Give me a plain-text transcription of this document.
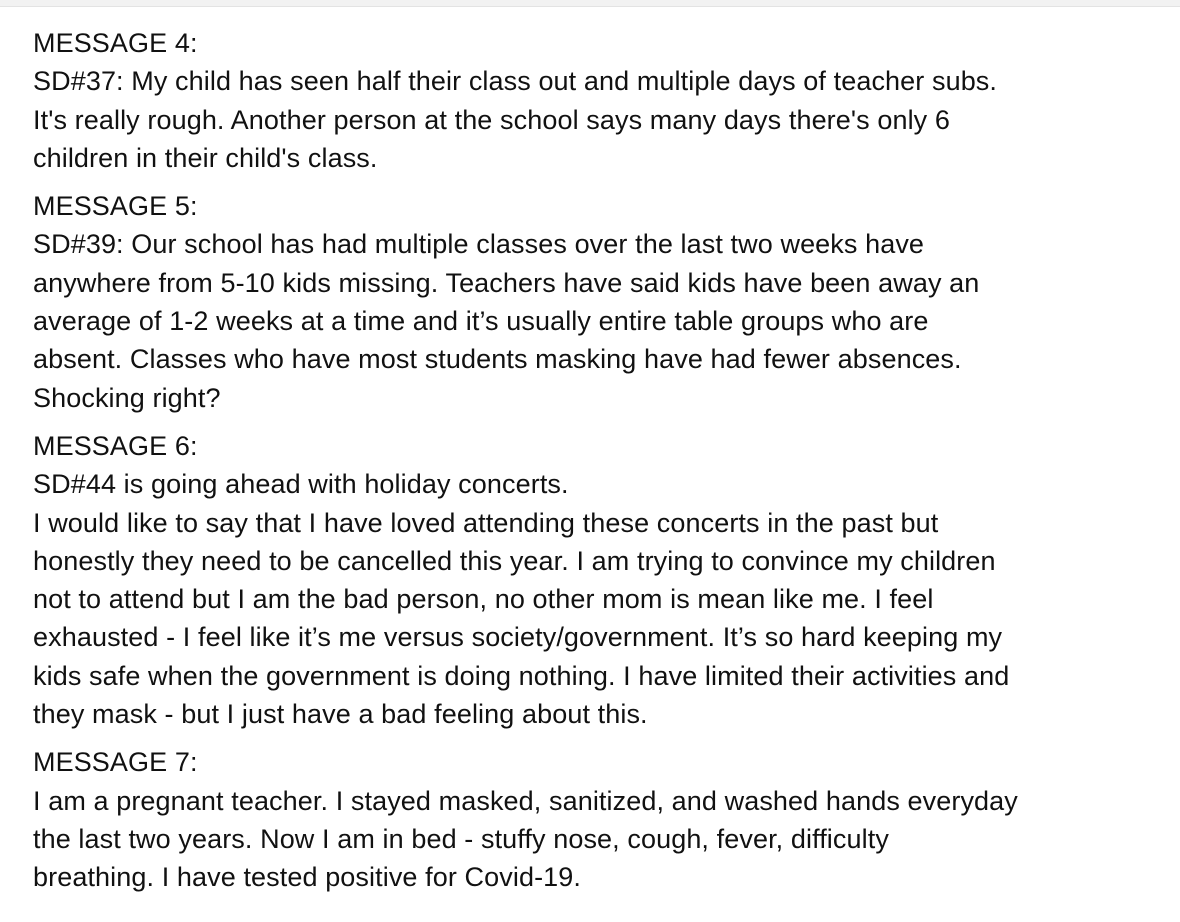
MESSAGE 4:
SD#37: My child has seen half their class out and multiple days of teacher subs.
It's really rough. Another person at the school says many days there's only 6
children in their child's class.
MESSAGE 5:
SD#39: Our school has had multiple classes over the last two weeks have
anywhere from 5-10 kids missing. Teachers have said kids have been away an
average of 1-2 weeks at a time and it’s usually entire table groups who are
absent. Classes who have most students masking have had fewer absences.
Shocking right?
MESSAGE 6:
SD#44 is going ahead with holiday concerts.
I would like to say that I have loved attending these concerts in the past but
honestly they need to be cancelled this year. I am trying to convince my children
not to attend but I am the bad person, no other mom is mean like me. I feel
exhausted - I feel like it’s me versus society/government. It’s so hard keeping my
kids safe when the government is doing nothing. I have limited their activities and
they mask - but I just have a bad feeling about this.
MESSAGE 7:
I am a pregnant teacher. I stayed masked, sanitized, and washed hands everyday
the last two years. Now I am in bed - stuffy nose, cough, fever, difficulty
breathing. I have tested positive for Covid-19.
